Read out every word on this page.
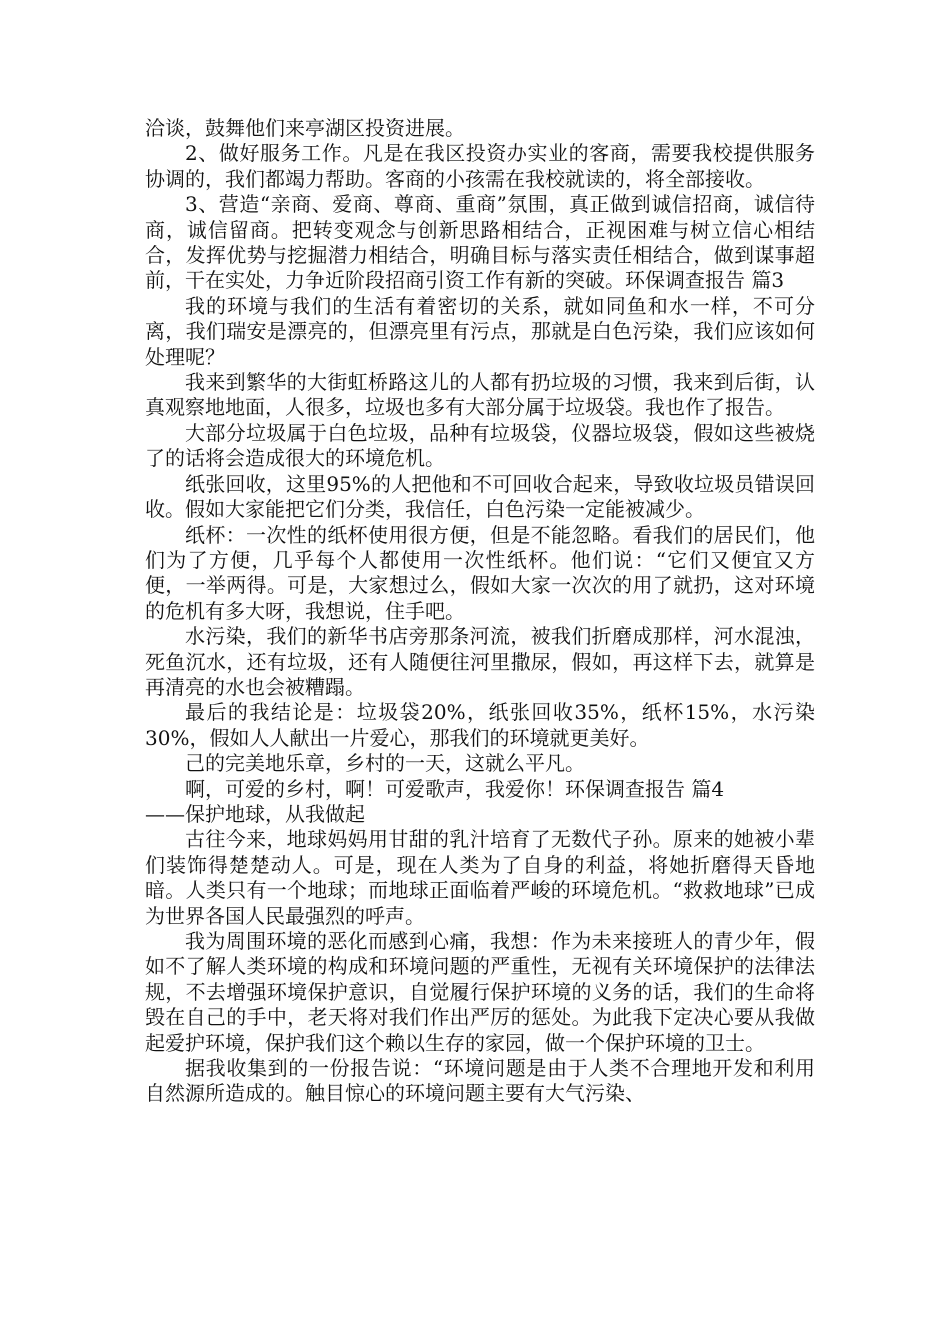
洽谈，鼓舞他们来亭湖区投资进展。

2、做好服务工作。凡是在我区投资办实业的客商，需要我校提供服务协调的，我们都竭力帮助。客商的小孩需在我校就读的，将全部接收。

3、营造“亲商、爱商、尊商、重商”氛围，真正做到诚信招商，诚信待商，诚信留商。把转变观念与创新思路相结合，正视困难与树立信心相结合，发挥优势与挖掘潜力相结合，明确目标与落实责任相结合，做到谋事超前，干在实处，力争近阶段招商引资工作有新的突破。环保调查报告 篇3

我的环境与我们的生活有着密切的关系，就如同鱼和水一样，不可分离，我们瑞安是漂亮的，但漂亮里有污点，那就是白色污染，我们应该如何处理呢？

我来到繁华的大街虹桥路这儿的人都有扔垃圾的习惯，我来到后街，认真观察地地面，人很多，垃圾也多有大部分属于垃圾袋。我也作了报告。

大部分垃圾属于白色垃圾，品种有垃圾袋，仪器垃圾袋，假如这些被烧了的话将会造成很大的环境危机。

纸张回收，这里95%的人把他和不可回收合起来，导致收垃圾员错误回收。假如大家能把它们分类，我信任，白色污染一定能被减少。

纸杯：一次性的纸杯使用很方便，但是不能忽略。看我们的居民们，他们为了方便，几乎每个人都使用一次性纸杯。他们说：“它们又便宜又方便，一举两得。可是，大家想过么，假如大家一次次的用了就扔，这对环境的危机有多大呀，我想说，住手吧。

水污染，我们的新华书店旁那条河流，被我们折磨成那样，河水混浊，死鱼沉水，还有垃圾，还有人随便往河里撒尿，假如，再这样下去，就算是再清亮的水也会被糟蹋。

最后的我结论是：垃圾袋20%，纸张回收35%，纸杯15%，水污染30%，假如人人献出一片爱心，那我们的环境就更美好。

己的完美地乐章，乡村的一天，这就么平凡。

啊，可爱的乡村，啊！可爱歌声，我爱你！环保调查报告 篇4

——保护地球，从我做起

古往今来，地球妈妈用甘甜的乳汁培育了无数代子孙。原来的她被小辈们装饰得楚楚动人。可是，现在人类为了自身的利益，将她折磨得天昏地暗。人类只有一个地球；而地球正面临着严峻的环境危机。“救救地球”已成为世界各国人民最强烈的呼声。

我为周围环境的恶化而感到心痛，我想：作为未来接班人的青少年，假如不了解人类环境的构成和环境问题的严重性，无视有关环境保护的法律法规，不去增强环境保护意识，自觉履行保护环境的义务的话，我们的生命将毁在自己的手中，老天将对我们作出严厉的惩处。为此我下定决心要从我做起爱护环境，保护我们这个赖以生存的家园，做一个保护环境的卫士。

据我收集到的一份报告说：“环境问题是由于人类不合理地开发和利用自然源所造成的。触目惊心的环境问题主要有大气污染、
